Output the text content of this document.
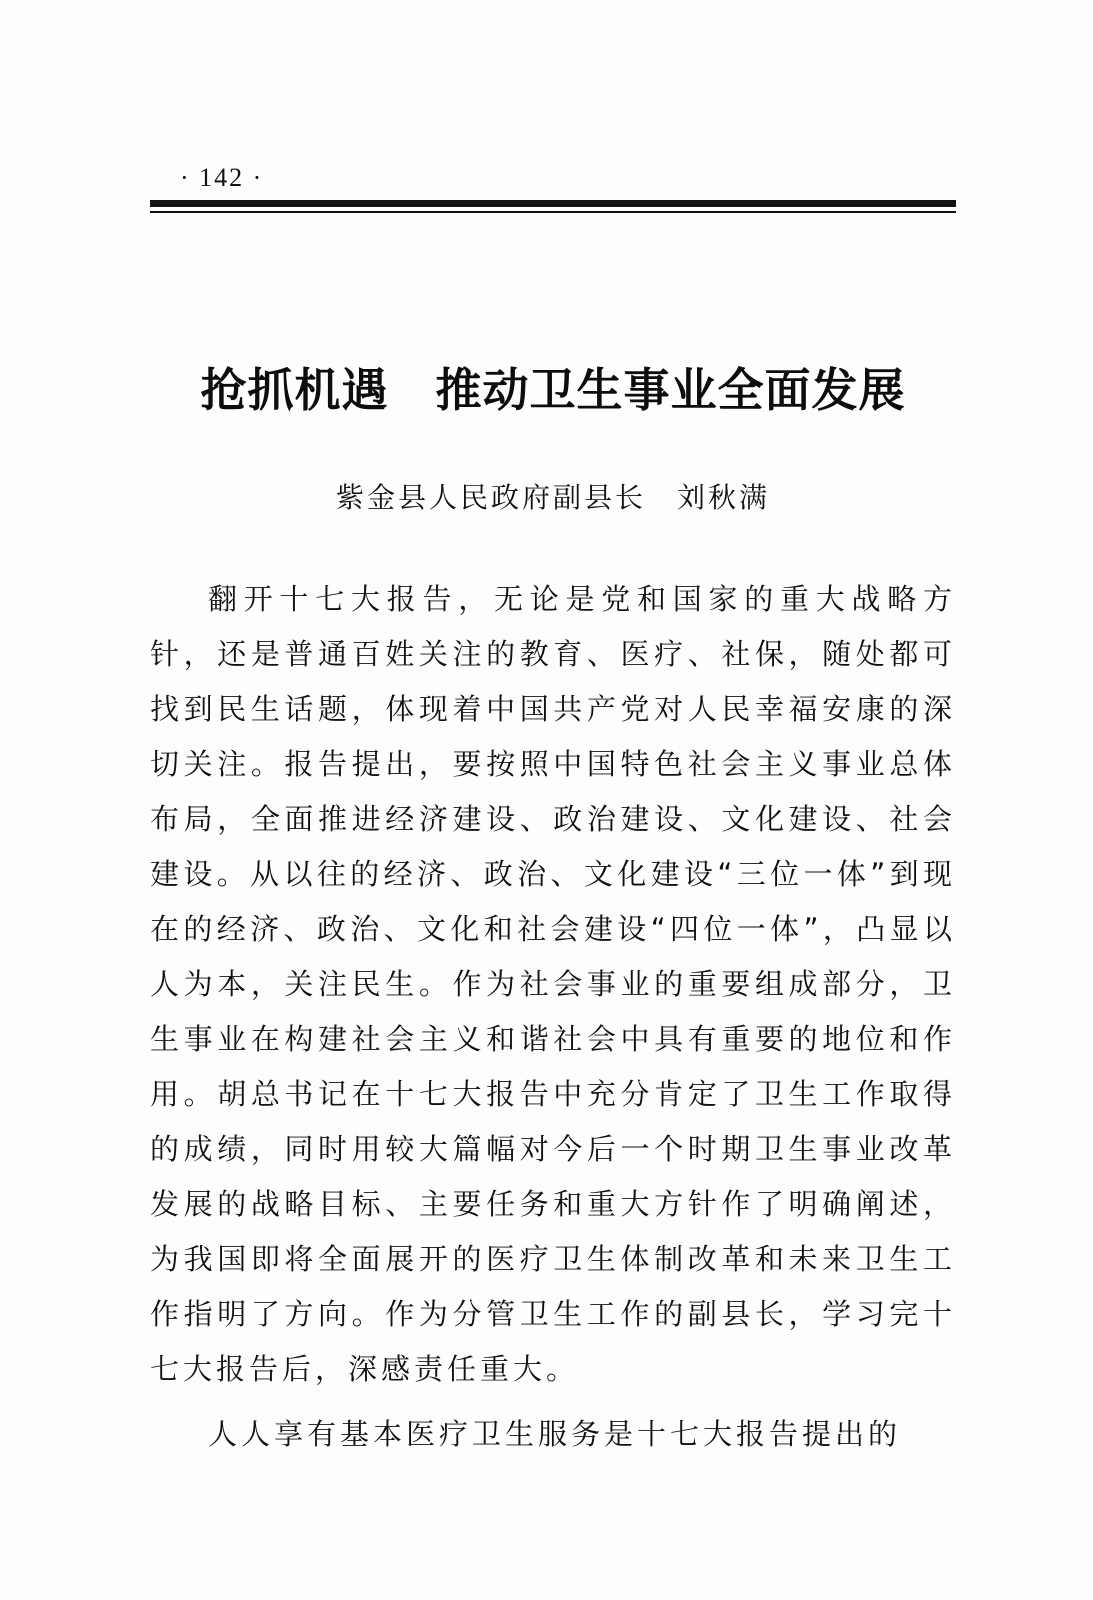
· 142 ·
抢抓机遇　推动卫生事业全面发展
紫金县人民政府副县长　刘秋满

翻开十七大报告，无论是党和国家的重大战略方针，还是普通百姓关注的教育、医疗、社保，随处都可找到民生话题，体现着中国共产党对人民幸福安康的深切关注。报告提出，要按照中国特色社会主义事业总体布局，全面推进经济建设、政治建设、文化建设、社会建设。从以往的经济、政治、文化建设“三位一体”到现在的经济、政治、文化和社会建设“四位一体”，凸显以人为本，关注民生。作为社会事业的重要组成部分，卫生事业在构建社会主义和谐社会中具有重要的地位和作用。胡总书记在十七大报告中充分肯定了卫生工作取得的成绩，同时用较大篇幅对今后一个时期卫生事业改革发展的战略目标、主要任务和重大方针作了明确阐述，为我国即将全面展开的医疗卫生体制改革和未来卫生工作指明了方向。作为分管卫生工作的副县长，学习完十七大报告后，深感责任重大。

人人享有基本医疗卫生服务是十七大报告提出的
